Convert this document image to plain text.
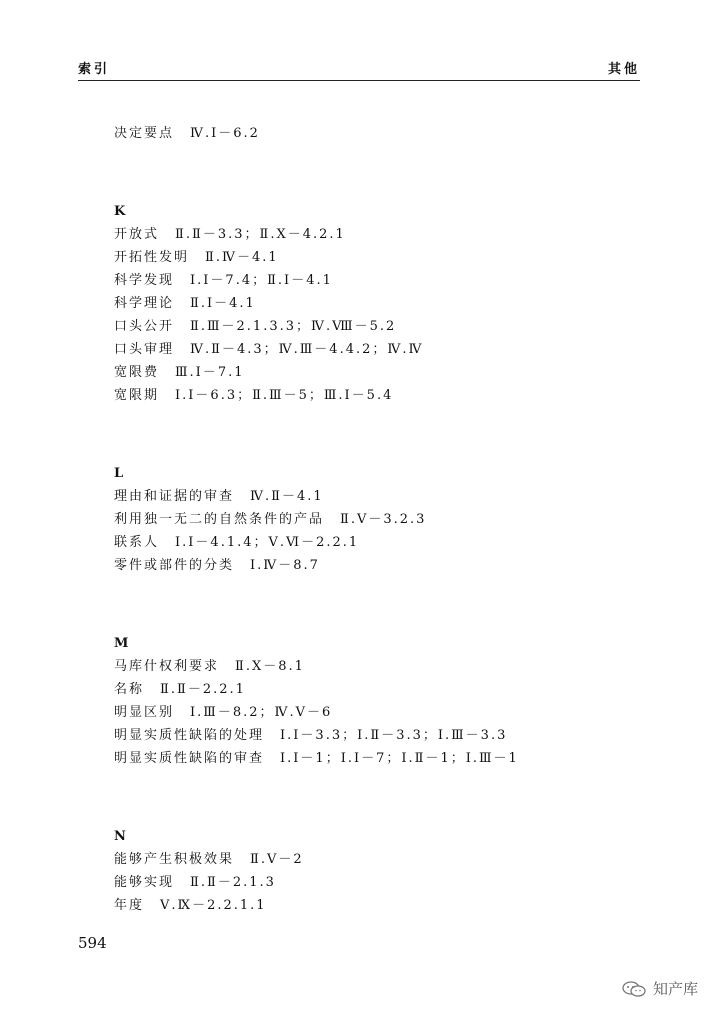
索引	其他
决定要点 Ⅳ.Ⅰ－6.2
K
开放式 Ⅱ.Ⅱ－3.3；Ⅱ.Ⅹ－4.2.1
开拓性发明 Ⅱ.Ⅳ－4.1
科学发现 Ⅰ.Ⅰ－7.4；Ⅱ.Ⅰ－4.1
科学理论 Ⅱ.Ⅰ－4.1
口头公开 Ⅱ.Ⅲ－2.1.3.3；Ⅳ.Ⅷ－5.2
口头审理 Ⅳ.Ⅱ－4.3；Ⅳ.Ⅲ－4.4.2；Ⅳ.Ⅳ
宽限费 Ⅲ.Ⅰ－7.1
宽限期 Ⅰ.Ⅰ－6.3；Ⅱ.Ⅲ－5；Ⅲ.Ⅰ－5.4
L
理由和证据的审查 Ⅳ.Ⅱ－4.1
利用独一无二的自然条件的产品 Ⅱ.Ⅴ－3.2.3
联系人 Ⅰ.Ⅰ－4.1.4；Ⅴ.Ⅵ－2.2.1
零件或部件的分类 Ⅰ.Ⅳ－8.7
M
马库什权利要求 Ⅱ.Ⅹ－8.1
名称 Ⅱ.Ⅱ－2.2.1
明显区别 Ⅰ.Ⅲ－8.2；Ⅳ.Ⅴ－6
明显实质性缺陷的处理 Ⅰ.Ⅰ－3.3；Ⅰ.Ⅱ－3.3；Ⅰ.Ⅲ－3.3
明显实质性缺陷的审查 Ⅰ.Ⅰ－1；Ⅰ.Ⅰ－7；Ⅰ.Ⅱ－1；Ⅰ.Ⅲ－1
N
能够产生积极效果 Ⅱ.Ⅴ－2
能够实现 Ⅱ.Ⅱ－2.1.3
年度 Ⅴ.Ⅸ－2.2.1.1
594
知产库
